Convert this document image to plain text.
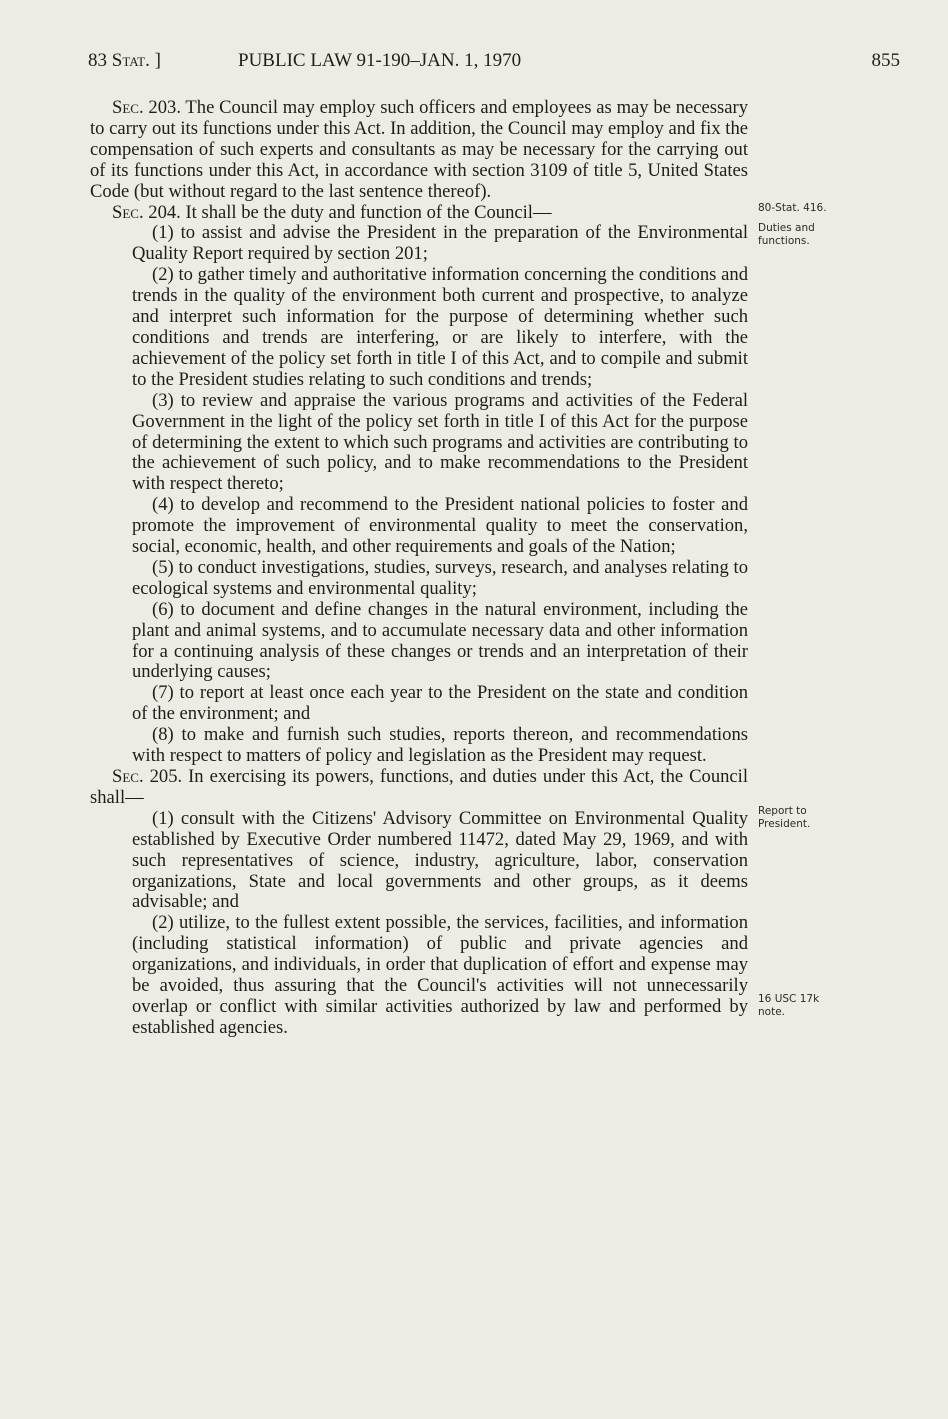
83 Stat. ]	PUBLIC LAW 91-190–JAN. 1, 1970	855

Sec. 203. The Council may employ such officers and employees as may be necessary to carry out its functions under this Act. In addition, the Council may employ and fix the compensation of such experts and consultants as may be necessary for the carrying out of its functions under this Act, in accordance with section 3109 of title 5, United States Code (but without regard to the last sentence thereof).

Sec. 204. It shall be the duty and function of the Council—

(1) to assist and advise the President in the preparation of the Environmental Quality Report required by section 201;

(2) to gather timely and authoritative information concerning the conditions and trends in the quality of the environment both current and prospective, to analyze and interpret such information for the purpose of determining whether such conditions and trends are interfering, or are likely to interfere, with the achievement of the policy set forth in title I of this Act, and to compile and submit to the President studies relating to such conditions and trends;

(3) to review and appraise the various programs and activities of the Federal Government in the light of the policy set forth in title I of this Act for the purpose of determining the extent to which such programs and activities are contributing to the achievement of such policy, and to make recommendations to the President with respect thereto;

(4) to develop and recommend to the President national policies to foster and promote the improvement of environmental quality to meet the conservation, social, economic, health, and other requirements and goals of the Nation;

(5) to conduct investigations, studies, surveys, research, and analyses relating to ecological systems and environmental quality;

(6) to document and define changes in the natural environment, including the plant and animal systems, and to accumulate necessary data and other information for a continuing analysis of these changes or trends and an interpretation of their underlying causes;

(7) to report at least once each year to the President on the state and condition of the environment; and

(8) to make and furnish such studies, reports thereon, and recommendations with respect to matters of policy and legislation as the President may request.

Sec. 205. In exercising its powers, functions, and duties under this Act, the Council shall—

(1) consult with the Citizens' Advisory Committee on Environmental Quality established by Executive Order numbered 11472, dated May 29, 1969, and with such representatives of science, industry, agriculture, labor, conservation organizations, State and local governments and other groups, as it deems advisable; and

(2) utilize, to the fullest extent possible, the services, facilities, and information (including statistical information) of public and private agencies and organizations, and individuals, in order that duplication of effort and expense may be avoided, thus assuring that the Council's activities will not unnecessarily overlap or conflict with similar activities authorized by law and performed by established agencies.

80-Stat. 416.
Duties and
functions.
Report to
President.
16 USC 17k
note.
